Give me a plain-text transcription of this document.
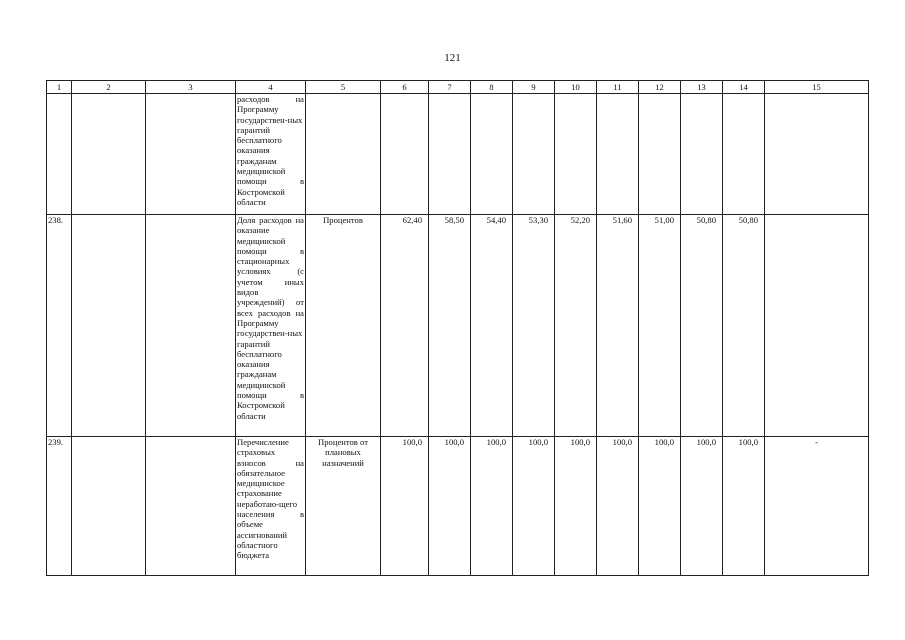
121
1	2	3	4	5	6	7	8	9	10	11	12	13	14	15
			расходов на Программу государствен-ных гарантий бесплатного оказания гражданам медицинской помощи в Костромской области											
238.			Доля расходов на оказание медицинской помощи в стационарных условиях (с учетом иных видов учреждений) от всех расходов на Программу государствен-ных гарантий бесплатного оказания гражданам медицинской помощи в Костромской области	Процентов	62,40	58,50	54,40	53,30	52,20	51,60	51,00	50,80	50,80	
239.			Перечисление страховых взносов на обязательное медицинское страхование неработаю-щего населения в объеме ассигнований областного бюджета	Процентов от плановых назначений	100,0	100,0	100,0	100,0	100,0	100,0	100,0	100,0	100,0	-
